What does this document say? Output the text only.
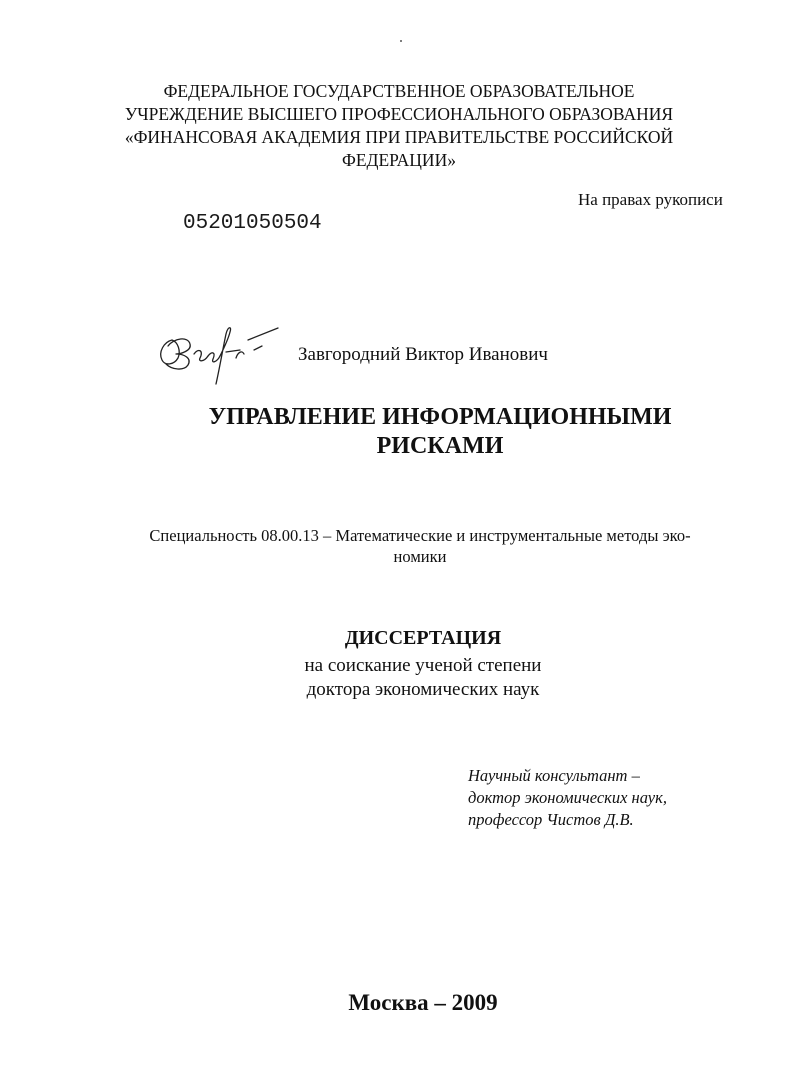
ФЕДЕРАЛЬНОЕ ГОСУДАРСТВЕННОЕ ОБРАЗОВАТЕЛЬНОЕ
УЧРЕЖДЕНИЕ ВЫСШЕГО ПРОФЕССИОНАЛЬНОГО ОБРАЗОВАНИЯ
«ФИНАНСОВАЯ АКАДЕМИЯ ПРИ ПРАВИТЕЛЬСТВЕ РОССИЙСКОЙ
ФЕДЕРАЦИИ»
На правах рукописи
05201050504
Завгородний Виктор Иванович
УПРАВЛЕНИЕ ИНФОРМАЦИОННЫМИ
РИСКАМИ
Специальность 08.00.13 – Математические и инструментальные методы эко-
номики
ДИССЕРТАЦИЯ
на соискание ученой степени
доктора экономических наук
Научный консультант –
доктор экономических наук,
профессор Чистов Д.В.
Москва – 2009
